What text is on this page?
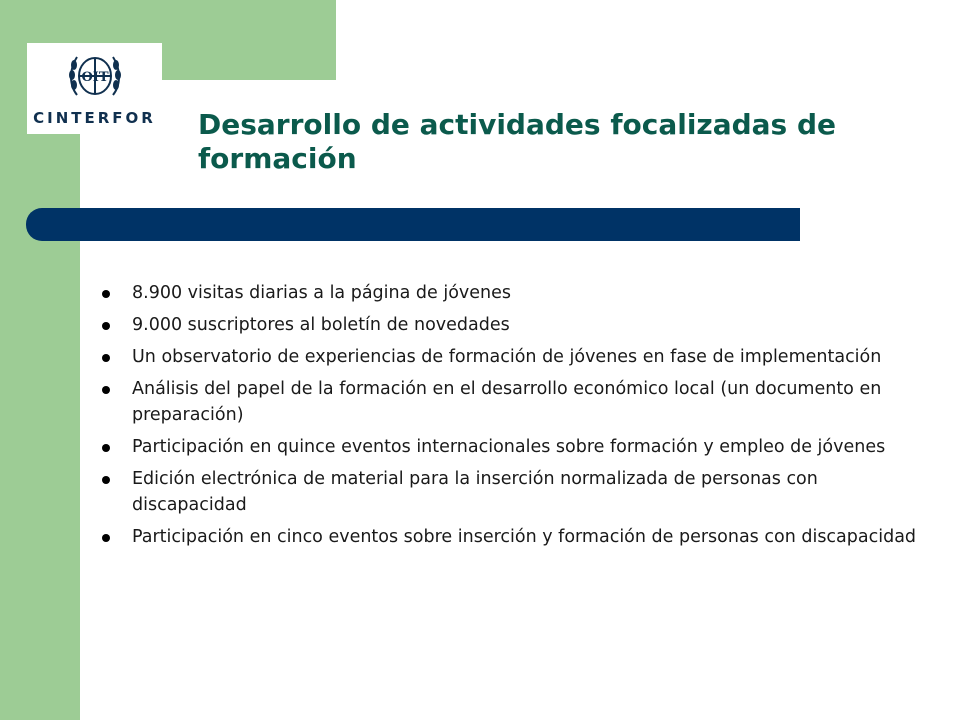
OIT
CINTERFOR Desarrollo de actividades focalizadas de formación
8.900 visitas diarias a la página de jóvenes
9.000 suscriptores al boletín de novedades
Un observatorio de experiencias de formación de jóvenes en fase de implementación
Análisis del papel de la formación en el desarrollo económico local (un documento en preparación)
Participación en quince eventos internacionales sobre formación y empleo de jóvenes
Edición electrónica de material para la inserción normalizada de personas con discapacidad
Participación en cinco eventos sobre inserción y formación de personas con discapacidad
